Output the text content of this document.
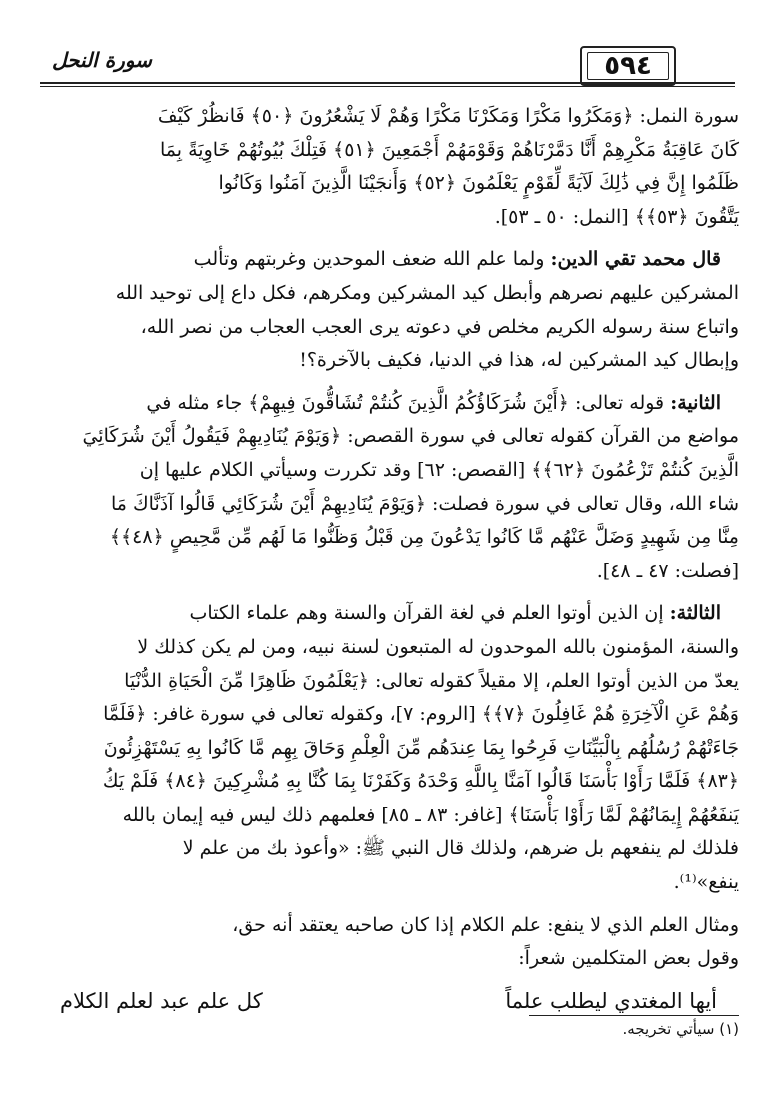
٥٩٤
سورة النحل

سورة النمل: ﴿وَمَكَرُوا مَكْرًا وَمَكَرْنَا مَكْرًا وَهُمْ لَا يَشْعُرُونَ ﴿٥٠﴾ فَانظُرْ كَيْفَ

كَانَ عَاقِبَةُ مَكْرِهِمْ أَنَّا دَمَّرْنَاهُمْ وَقَوْمَهُمْ أَجْمَعِينَ ﴿٥١﴾ فَتِلْكَ بُيُوتُهُمْ خَاوِيَةً بِمَا

ظَلَمُوا إِنَّ فِي ذَٰلِكَ لَآيَةً لِّقَوْمٍ يَعْلَمُونَ ﴿٥٢﴾ وَأَنجَيْنَا الَّذِينَ آمَنُوا وَكَانُوا

يَتَّقُونَ ﴿٥٣﴾﴾ [النمل: ٥٠ ـ ٥٣].

قال محمد تقي الدين: ولما علم الله ضعف الموحدين وغربتهم وتألب

المشركين عليهم نصرهم وأبطل كيد المشركين ومكرهم، فكل داع إلى توحيد الله

واتباع سنة رسوله الكريم مخلص في دعوته يرى العجب العجاب من نصر الله،

وإبطال كيد المشركين له، هذا في الدنيا، فكيف بالآخرة؟!

الثانية: قوله تعالى: ﴿أَيْنَ شُرَكَاؤُكُمُ الَّذِينَ كُنتُمْ تُشَاقُّونَ فِيهِمْ﴾ جاء مثله في

مواضع من القرآن كقوله تعالى في سورة القصص: ﴿وَيَوْمَ يُنَادِيهِمْ فَيَقُولُ أَيْنَ شُرَكَائِيَ

الَّذِينَ كُنتُمْ تَزْعُمُونَ ﴿٦٢﴾﴾ [القصص: ٦٢] وقد تكررت وسيأتي الكلام عليها إن

شاء الله، وقال تعالى في سورة فصلت: ﴿وَيَوْمَ يُنَادِيهِمْ أَيْنَ شُرَكَائِي قَالُوا آذَنَّاكَ مَا

مِنَّا مِن شَهِيدٍ وَضَلَّ عَنْهُم مَّا كَانُوا يَدْعُونَ مِن قَبْلُ وَظَنُّوا مَا لَهُم مِّن مَّحِيصٍ ﴿٤٨﴾﴾

[فصلت: ٤٧ ـ ٤٨].

الثالثة: إن الذين أوتوا العلم في لغة القرآن والسنة وهم علماء الكتاب

والسنة، المؤمنون بالله الموحدون له المتبعون لسنة نبيه، ومن لم يكن كذلك لا

يعدّ من الذين أوتوا العلم، إلا مقيلاً كقوله تعالى: ﴿يَعْلَمُونَ ظَاهِرًا مِّنَ الْحَيَاةِ الدُّنْيَا

وَهُمْ عَنِ الْآخِرَةِ هُمْ غَافِلُونَ ﴿٧﴾﴾ [الروم: ٧]، وكقوله تعالى في سورة غافر: ﴿فَلَمَّا

جَاءَتْهُمْ رُسُلُهُم بِالْبَيِّنَاتِ فَرِحُوا بِمَا عِندَهُم مِّنَ الْعِلْمِ وَحَاقَ بِهِم مَّا كَانُوا بِهِ يَسْتَهْزِئُونَ

﴿٨٣﴾ فَلَمَّا رَأَوْا بَأْسَنَا قَالُوا آمَنَّا بِاللَّهِ وَحْدَهُ وَكَفَرْنَا بِمَا كُنَّا بِهِ مُشْرِكِينَ ﴿٨٤﴾ فَلَمْ يَكُ

يَنفَعُهُمْ إِيمَانُهُمْ لَمَّا رَأَوْا بَأْسَنَا﴾ [غافر: ٨٣ ـ ٨٥] فعلمهم ذلك ليس فيه إيمان بالله

فلذلك لم ينفعهم بل ضرهم، ولذلك قال النبي ﷺ: «وأعوذ بك من علم لا

ينفع»⁽¹⁾.

ومثال العلم الذي لا ينفع: علم الكلام إذا كان صاحبه يعتقد أنه حق،

وقول بعض المتكلمين شعراً:

أيها المغتدي ليطلب علماً
كل علم عبد لعلم الكلام
(١) سيأتي تخريجه.
